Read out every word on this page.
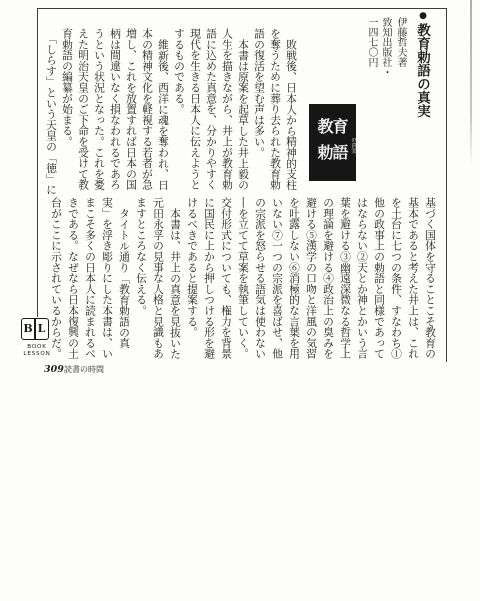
●
教育勅語の真実
伊藤哲夫著
致知出版社・
一四七〇円
教育
の真実
勅語
敗戦後、日本人から精神的支柱
を奪うために葬り去られた教育勅
語の復活を望む声は多い。
本書は原案を起草した井上毅の
人生を描きながら、井上が教育勅
語に込めた真意を、分かりやすく
現代を生きる日本人に伝えようと
するものである。
維新後、西洋に魂を奪われ、日
本の精神文化を軽視する若者が急
増し、これを放置すれば日本の国
柄は間違いなく損なわれるであろ
うという状況となった。これを憂
えた明治天皇のご下命を受けて教
育勅語の編纂が始まる。
「しらす」という天皇の「徳」に
基づく国体を守ることこそ教育の
基本であると考えた井上は、これ
を土台に七つの条件、すなわち①
他の政事上の勅語と同様であって
はならない②天とか神とかいう言
葉を避ける③幽遠深微なる哲学上
の理論を避ける④政治上の臭みを
避ける⑤漢学の口吻と洋風の気習
を吐露しない⑥消極的な言葉を用
いない⑦一つの宗派を喜ばせ、他
の宗派を怒らせる語気は使わない
―を立てて草案を執筆していく。
交付形式についても、権力を背景
に国民に上から押しつける形を避
けるべきであると提案する。
本書は、井上の真意を見抜いた
元田永孚の見事な人格と見識もあ
ますところなく伝える。
タイトル通り「教育勅語の真
実」を浮き彫りにした本書は、い
まこそ多くの日本人に読まれるべ
きである。なぜなら日本復興の土
台がここに示されているからだ。
B L
BOOK
LESSON
309 読書の時間
